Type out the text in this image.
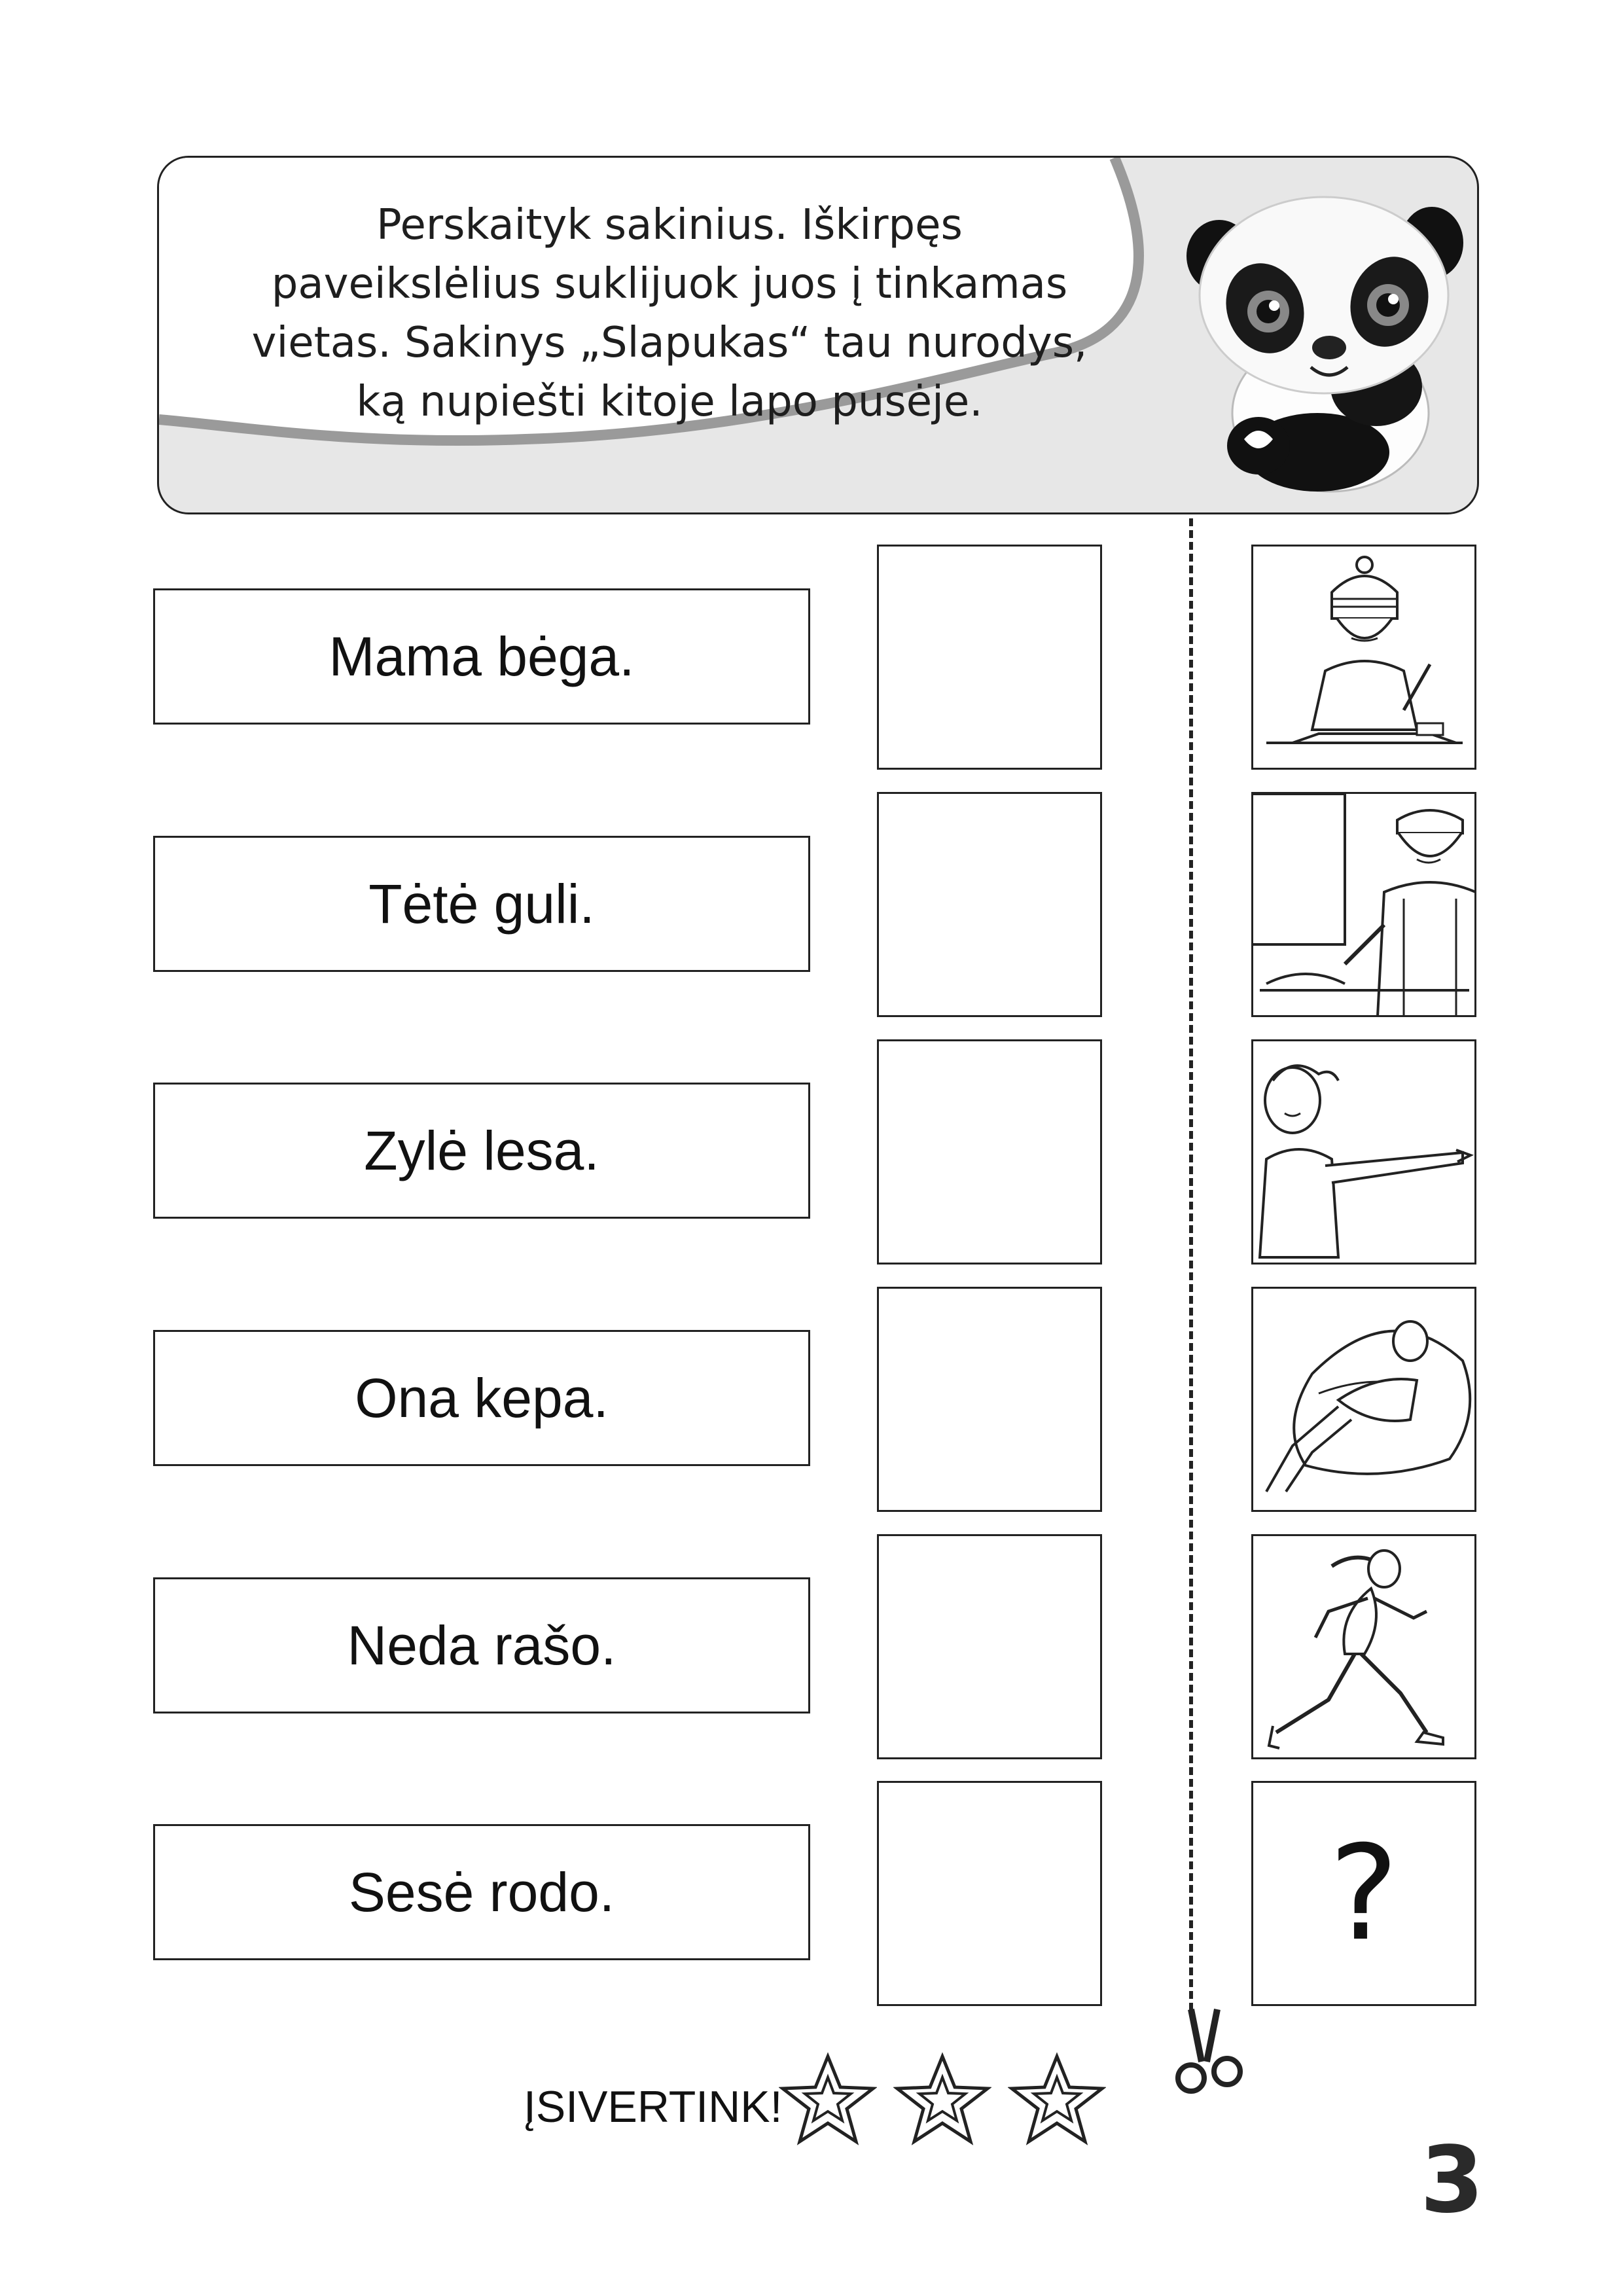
Perskaityk sakinius. Iškirpęs
paveikslėlius suklijuok juos į tinkamas
vietas. Sakinys „Slapukas“ tau nurodys,
ką nupiešti kitoje lapo pusėje.
Mama bėga.
Tėtė guli.
Zylė lesa.
Ona kepa.
Neda rašo.
Sesė rodo.	?
ĮSIVERTINK!
3
